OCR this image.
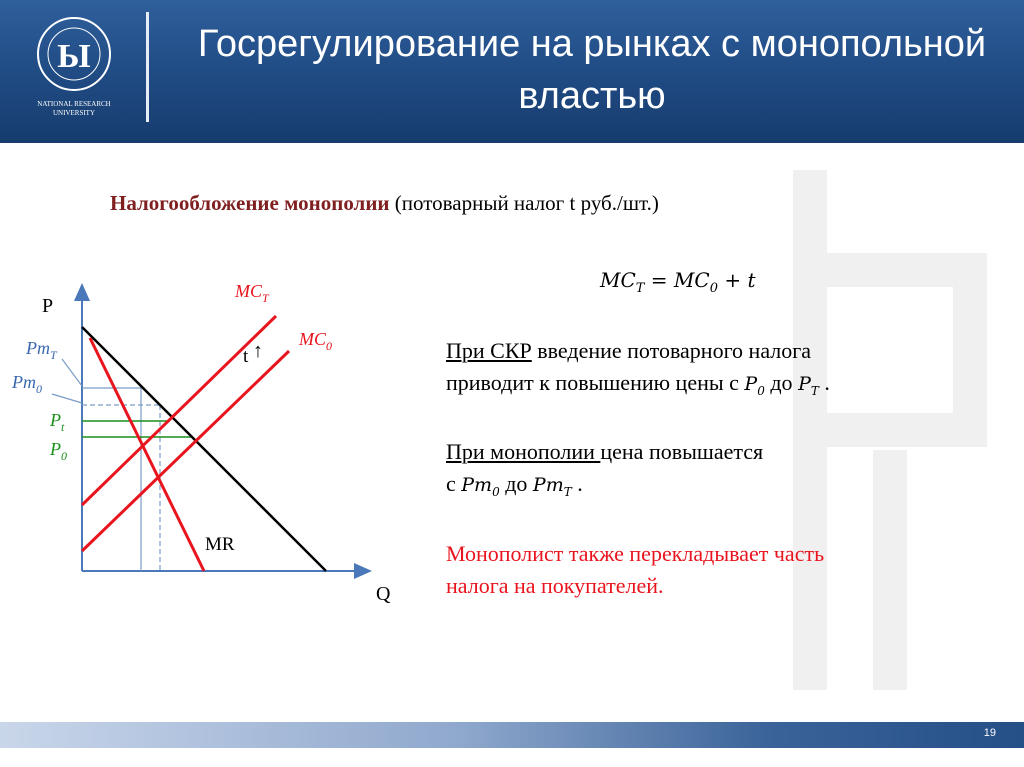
Ы
NATIONAL RESEARCH
UNIVERSITY
Госрегулирование на рынках с монопольной властью
Налогообложение монополии (потоварный налог t руб./шт.)
$MC_T = MC_0 + t$
При СКР введение потоварного налога
приводит к повышению цены с $P_0$ до $P_T$ .
При монополии цена повышается
с $Pm_0$ до $Pm_T$ .
Монополист также перекладывает часть
налога на покупателей.
P
Q
$MC_T$
$MC_0$
t ↑
MR
$Pm_T$
$Pm_0$
$P_t$
$P_0$
19
